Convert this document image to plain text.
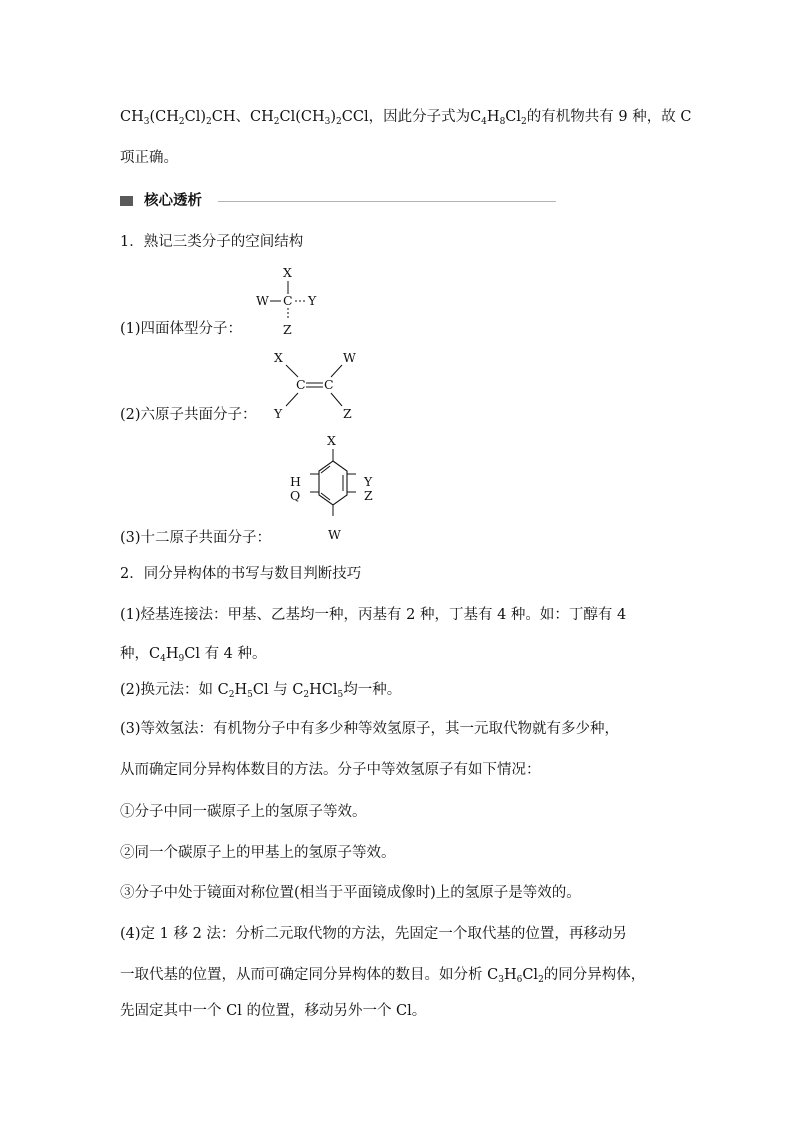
$CH_3(CH_2Cl)_2CH$、$CH_2Cl(CH_3)_2CCl$，因此分子式为$C_4H_8Cl_2$的有机物共有 9 种，故 C
项正确。
核心透析
1．熟记三类分子的空间结构
X
W C Y
Z
(1)四面体型分子：
X	W
C C
Y	Z
(2)六原子共面分子：
X
H
Q
Y
Z
W
(3)十二原子共面分子：
2．同分异构体的书写与数目判断技巧
(1)烃基连接法：甲基、乙基均一种，丙基有 2 种，丁基有 4 种。如：丁醇有 4
种，$C_4H_9Cl$ 有 4 种。
(2)换元法：如 $C_2H_5Cl$ 与 $C_2HCl_5$均一种。
(3)等效氢法：有机物分子中有多少种等效氢原子，其一元取代物就有多少种，
从而确定同分异构体数目的方法。分子中等效氢原子有如下情况：
①分子中同一碳原子上的氢原子等效。
②同一个碳原子上的甲基上的氢原子等效。
③分子中处于镜面对称位置(相当于平面镜成像时)上的氢原子是等效的。
(4)定 1 移 2 法：分析二元取代物的方法，先固定一个取代基的位置，再移动另
一取代基的位置，从而可确定同分异构体的数目。如分析 $C_3H_6Cl_2$的同分异构体，
先固定其中一个 Cl 的位置，移动另外一个 Cl。
